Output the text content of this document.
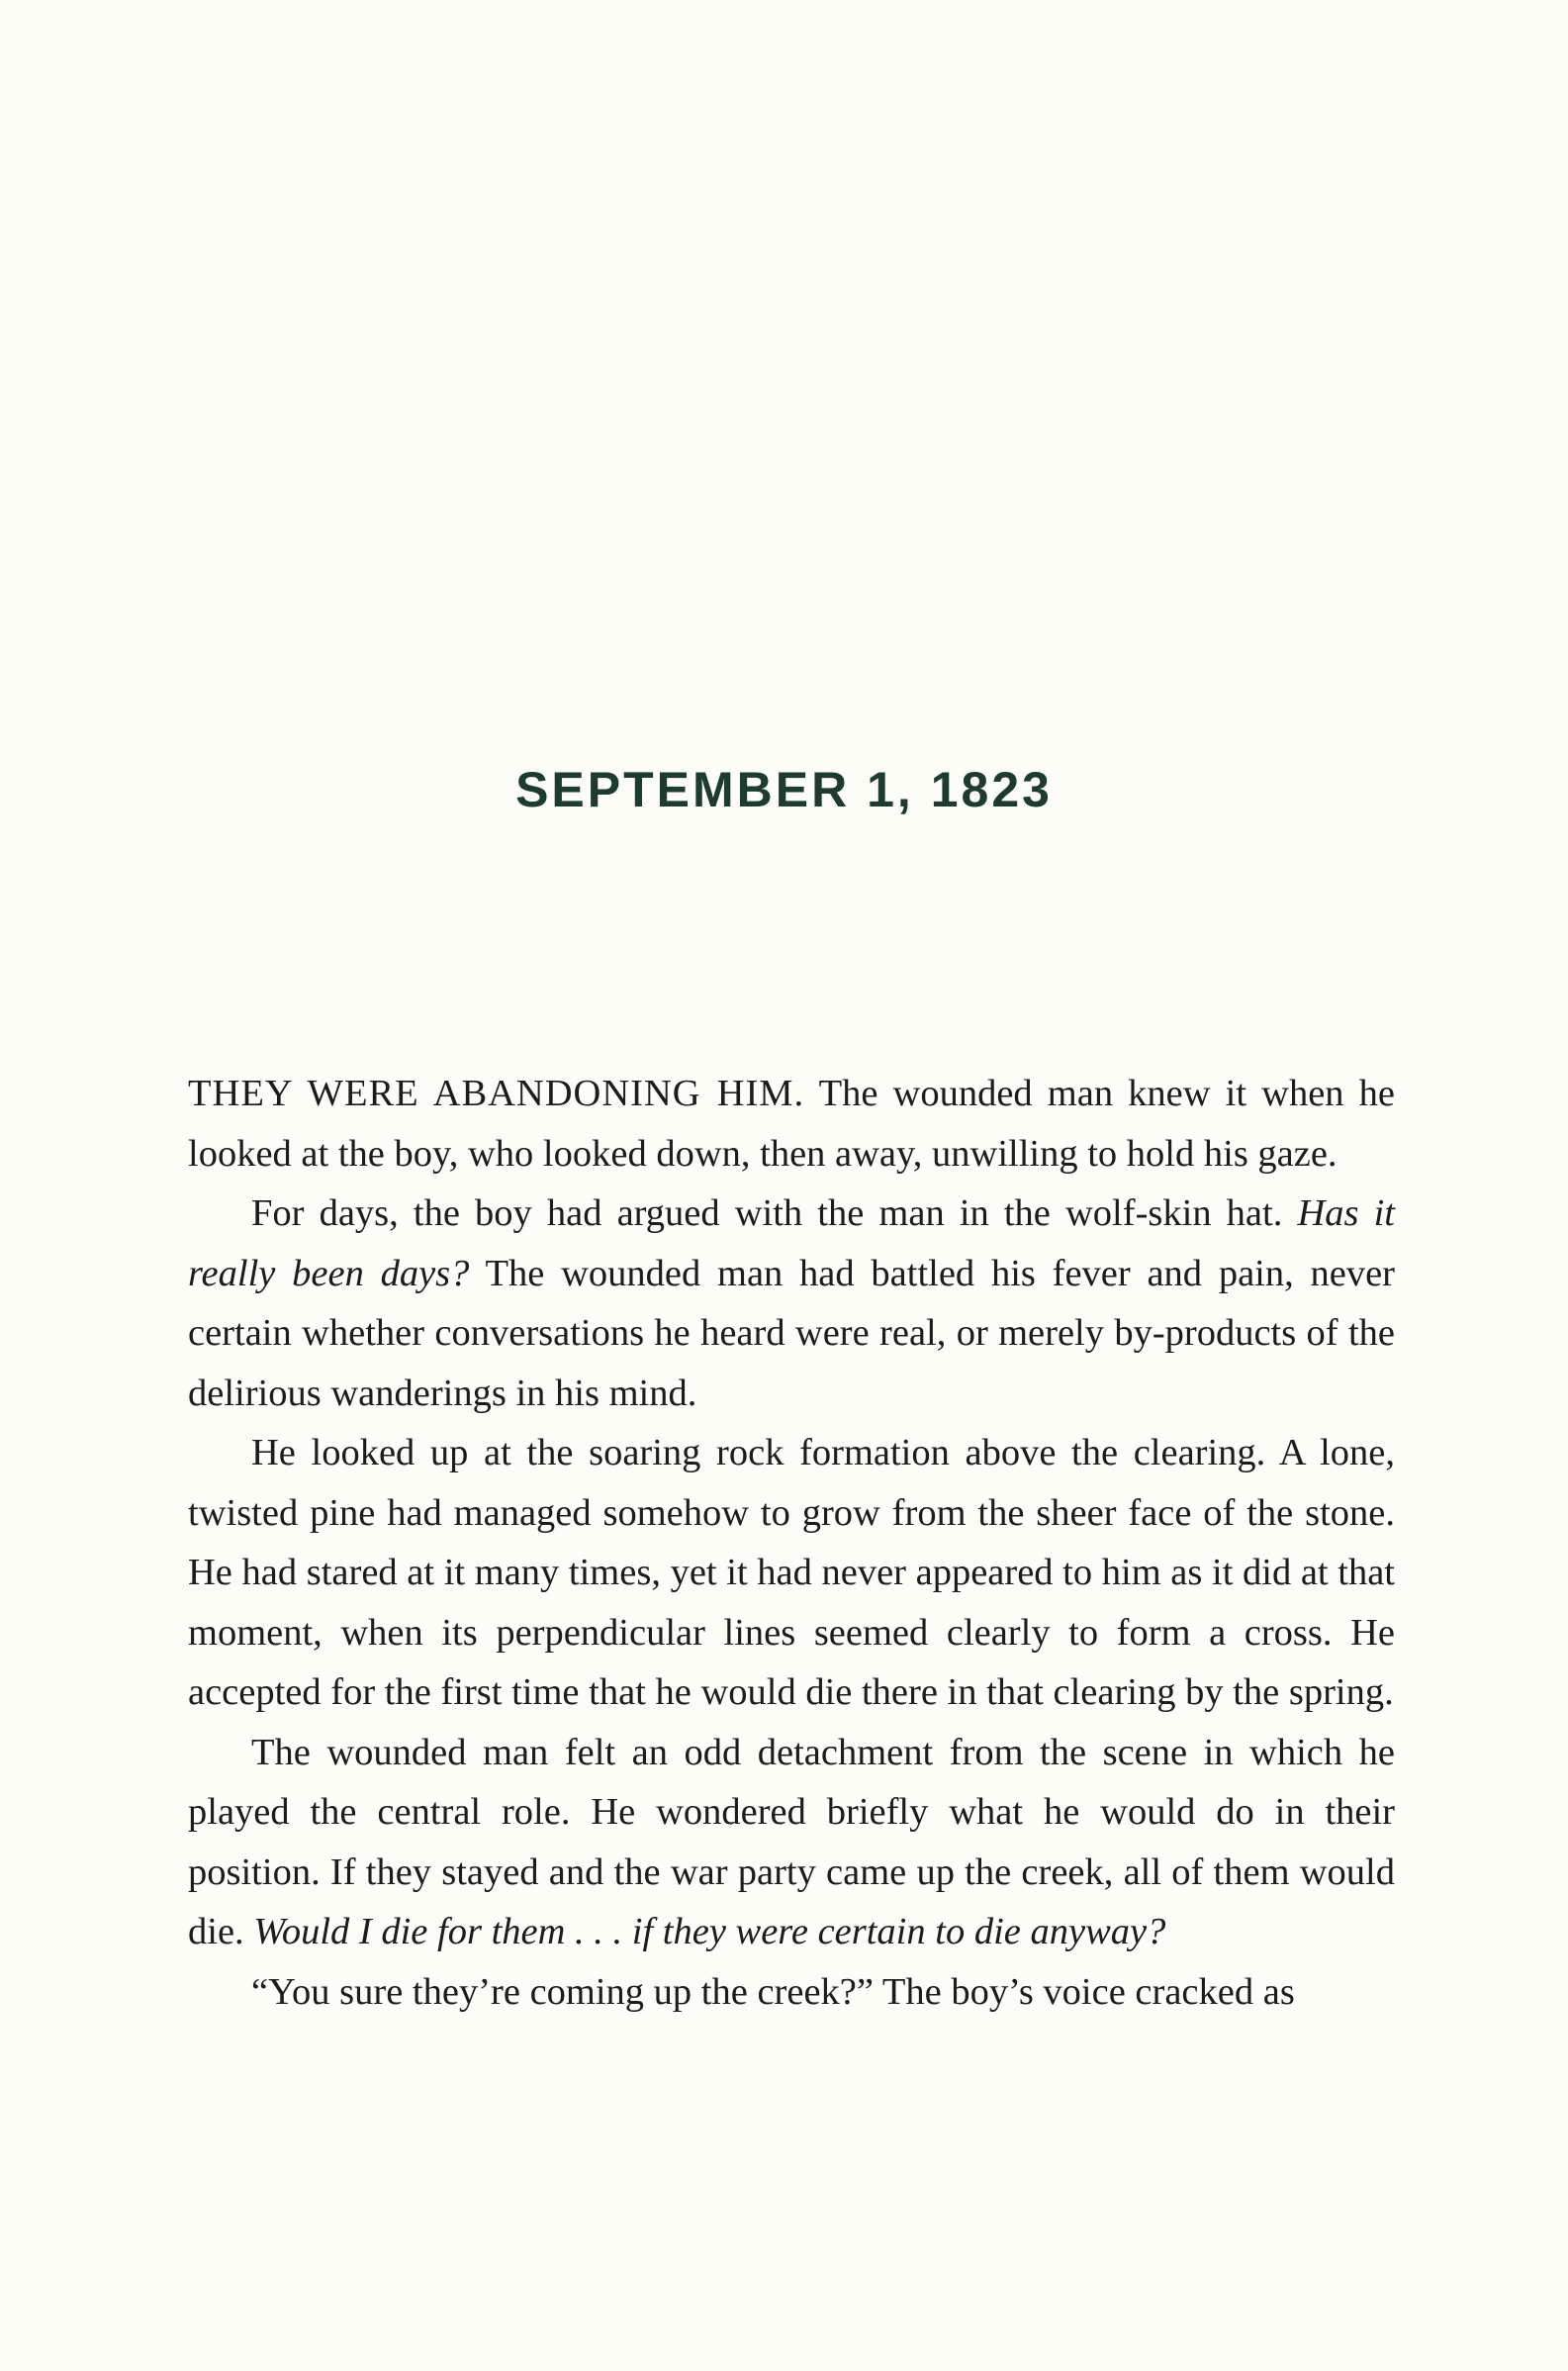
SEPTEMBER 1, 1823

THEY WERE ABANDONING HIM. The wounded man knew it when he looked at the boy, who looked down, then away, unwilling to hold his gaze.

For days, the boy had argued with the man in the wolf-skin hat. Has it really been days? The wounded man had battled his fever and pain, never certain whether conversations he heard were real, or merely by-products of the delirious wanderings in his mind.

He looked up at the soaring rock formation above the clearing. A lone, twisted pine had managed somehow to grow from the sheer face of the stone. He had stared at it many times, yet it had never appeared to him as it did at that moment, when its perpendicular lines seemed clearly to form a cross. He accepted for the first time that he would die there in that clearing by the spring.

The wounded man felt an odd detachment from the scene in which he played the central role. He wondered briefly what he would do in their position. If they stayed and the war party came up the creek, all of them would die. Would I die for them . . . if they were certain to die anyway?

“You sure they’re coming up the creek?” The boy’s voice cracked as
